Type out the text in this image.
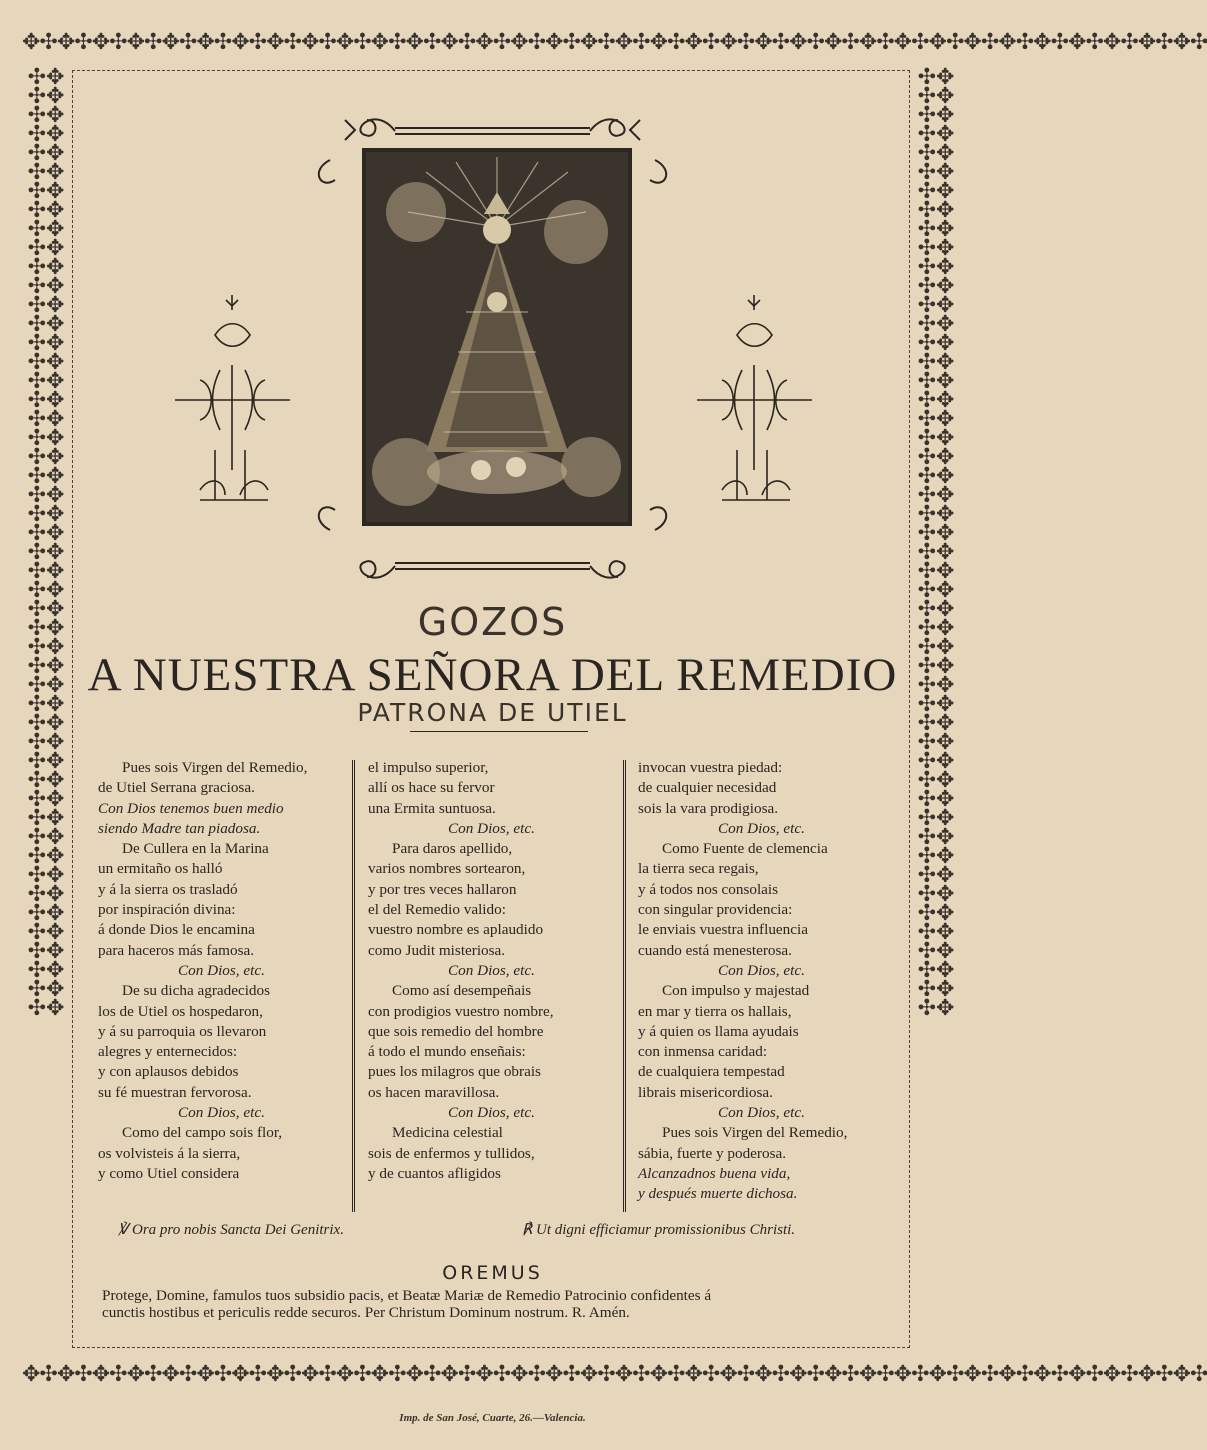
✥✣✥✣✥✣✥✣✥✣✥✣✥✣✥✣✥✣✥✣✥✣✥✣✥✣✥✣✥✣✥✣✥✣✥✣✥✣✥✣✥✣✥✣✥✣✥✣✥✣✥✣✥✣✥✣✥✣✥✣✥✣✥✣✥✣✥✣
✥✣✥✣✥✣✥✣✥✣✥✣✥✣✥✣✥✣✥✣✥✣✥✣✥✣✥✣✥✣✥✣✥✣✥✣✥✣✥✣✥✣✥✣✥✣✥✣✥✣✥✣✥✣✥✣✥✣✥✣✥✣✥✣✥✣✥✣
✣✥✣✥✣✥✣✥✣✥✣✥✣✥✣✥✣✥✣✥✣✥✣✥✣✥✣✥✣✥✣✥✣✥✣✥✣✥✣✥✣✥✣✥✣✥✣✥✣✥✣✥✣✥✣✥✣✥✣✥✣✥✣✥✣✥✣✥✣✥✣✥✣✥✣✥✣✥✣✥✣✥✣✥✣✥✣✥✣✥✣✥✣✥✣✥✣✥✣✥
✣✥✣✥✣✥✣✥✣✥✣✥✣✥✣✥✣✥✣✥✣✥✣✥✣✥✣✥✣✥✣✥✣✥✣✥✣✥✣✥✣✥✣✥✣✥✣✥✣✥✣✥✣✥✣✥✣✥✣✥✣✥✣✥✣✥✣✥✣✥✣✥✣✥✣✥✣✥✣✥✣✥✣✥✣✥✣✥✣✥✣✥✣✥✣✥✣✥✣✥
GOZOS
A NUESTRA SEÑORA DEL REMEDIO
PATRONA DE UTIEL

Pues sois Virgen del Remedio,

de Utiel Serrana graciosa.

Con Dios tenemos buen medio

siendo Madre tan piadosa.

De Cullera en la Marina

un ermitaño os halló

y á la sierra os trasladó

por inspiración divina:

á donde Dios le encamina

para haceros más famosa.

Con Dios, etc.

De su dicha agradecidos

los de Utiel os hospedaron,

y á su parroquia os llevaron

alegres y enternecidos:

y con aplausos debidos

su fé muestran fervorosa.

Con Dios, etc.

Como del campo sois flor,

os volvisteis á la sierra,

y como Utiel considera

el impulso superior,

allí os hace su fervor

una Ermita suntuosa.

Con Dios, etc.

Para daros apellido,

varios nombres sortearon,

y por tres veces hallaron

el del Remedio valido:

vuestro nombre es aplaudido

como Judit misteriosa.

Con Dios, etc.

Como así desempeñais

con prodigios vuestro nombre,

que sois remedio del hombre

á todo el mundo enseñais:

pues los milagros que obrais

os hacen maravillosa.

Con Dios, etc.

Medicina celestial

sois de enfermos y tullidos,

y de cuantos afligidos

invocan vuestra piedad:

de cualquier necesidad

sois la vara prodigiosa.

Con Dios, etc.

Como Fuente de clemencia

la tierra seca regais,

y á todos nos consolais

con singular providencia:

le enviais vuestra influencia

cuando está menesterosa.

Con Dios, etc.

Con impulso y majestad

en mar y tierra os hallais,

y á quien os llama ayudais

con inmensa caridad:

de cualquiera tempestad

librais misericordiosa.

Con Dios, etc.

Pues sois Virgen del Remedio,

sábia, fuerte y poderosa.

Alcanzadnos buena vida,

y después muerte dichosa.

℣ Ora pro nobis Sancta Dei Genitrix.	℟ Ut digni efficiamur promissionibus Christi.
OREMUS
Protege, Domine, famulos tuos subsidio pacis, et Beatæ Mariæ de Remedio Patrocinio confidentes á
cunctis hostibus et periculis redde securos. Per Christum Dominum nostrum. R. Amén.
Imp. de San José, Cuarte, 26.—Valencia.
